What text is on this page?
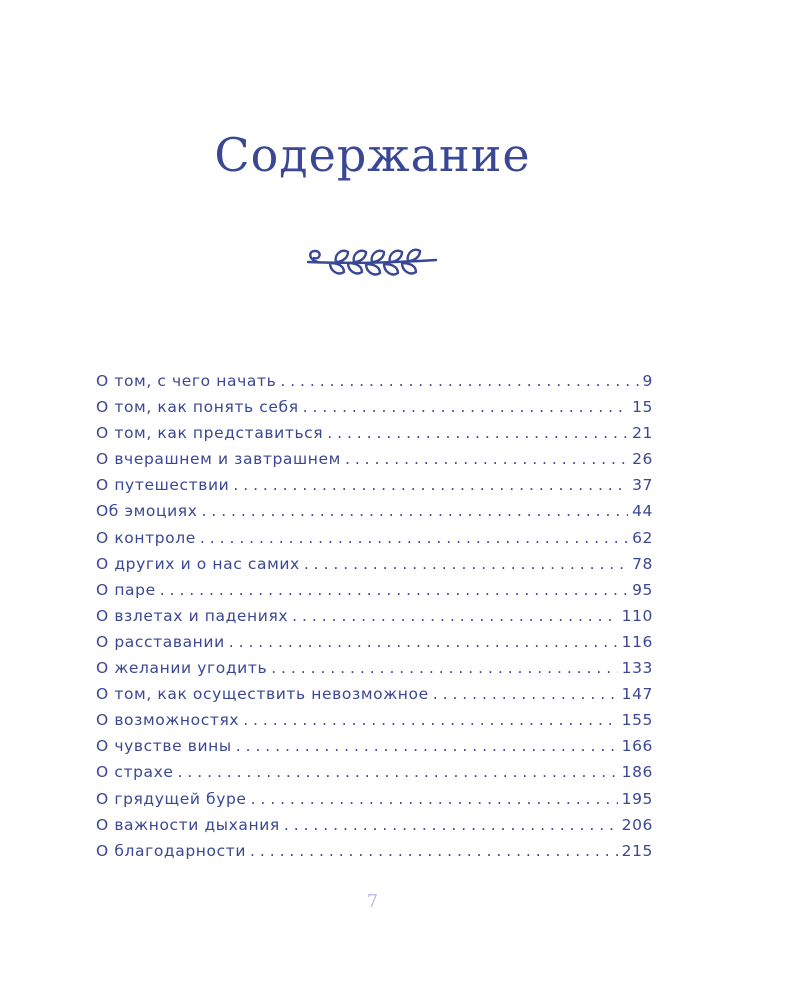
Содержание
О том, с чего начать . . .	9
О том, как понять себя . . .	15
О том, как представиться . . .	21
О вчерашнем и завтрашнем . . .	26
О путешествии . . .	37
Об эмоциях . . .	44
О контроле . . .	62
О других и о нас самих . . .	78
О паре . . .	95
О взлетах и падениях . . .	110
О расставании . . .	116
О желании угодить . . .	133
О том, как осуществить невозможное . . .	147
О возможностях . . .	155
О чувстве вины . . .	166
О страхе . . .	186
О грядущей буре . . .	195
О важности дыхания . . .	206
О благодарности . . .	215
7
